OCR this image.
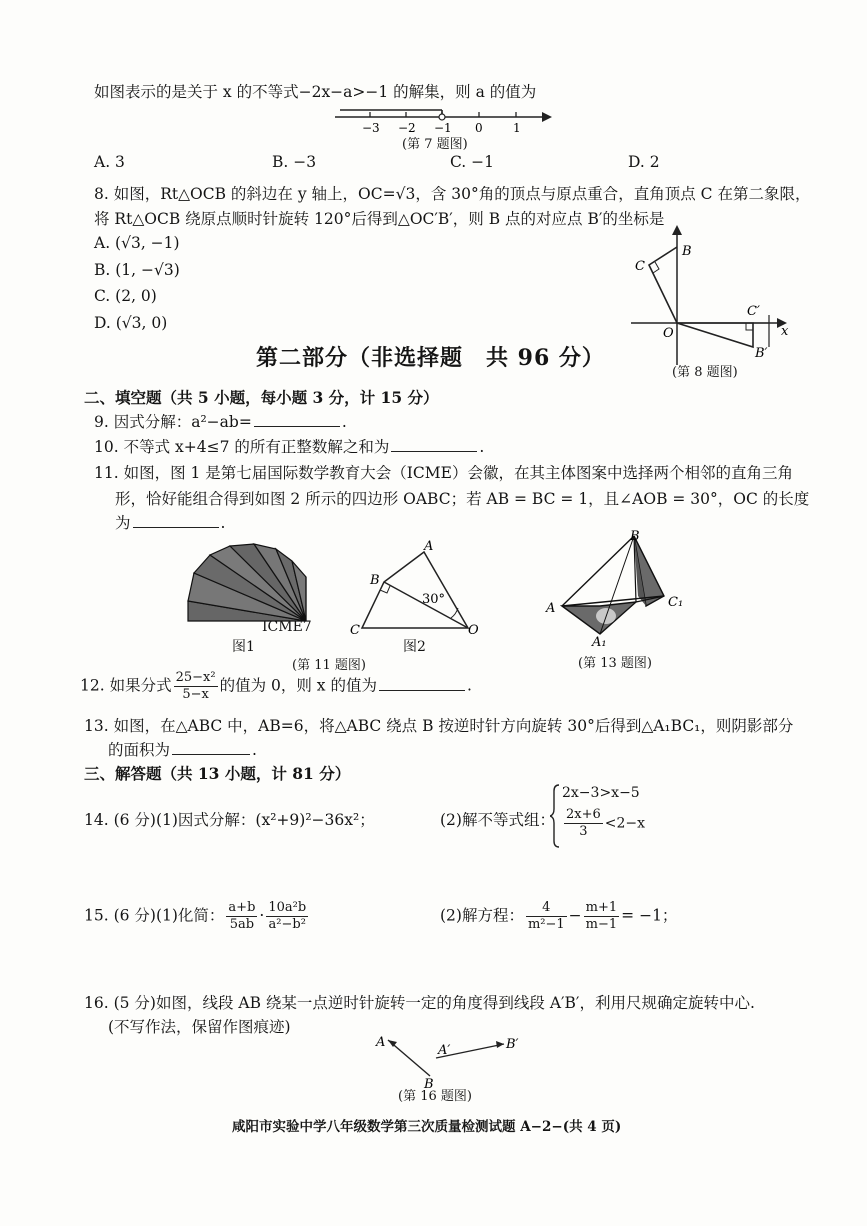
如图表示的是关于 x 的不等式−2x−a>−1 的解集，则 a 的值为
−3 −2 −1 0	1
(第 7 题图)
A. 3	B. −3	C. −1	D. 2
8. 如图，Rt△OCB 的斜边在 y 轴上，OC=√3，含 30°角的顶点与原点重合，直角顶点 C 在第二象限，
将 Rt△OCB 绕原点顺时针旋转 120°后得到△OC′B′，则 B 点的对应点 B′的坐标是
A. (√3, −1)
B. (1, −√3)
C. (2, 0)
D. (√3, 0)
B
C
C′
O	x
B′
(第 8 题图)
第二部分（非选择题　共 96 分）
二、填空题（共 5 小题，每小题 3 分，计 15 分）
9. 因式分解：a²−ab=	.
10. 不等式 x+4≤7 的所有正整数解之和为	.
11. 如图，图 1 是第七届国际数学教育大会（ICME）会徽，在其主体图案中选择两个相邻的直角三角
形，恰好能组合得到如图 2 所示的四边形 OABC；若 AB = BC = 1，且∠AOB = 30°，OC 的长度
为	.
ICME7
图1
A
B
30°
C	O
图2
(第 11 题图)
B
A	C₁
A₁
(第 13 题图)
12. 如果分式 $\frac{\text{25−x²}}{5-x}$ 的值为 0，则 x 的值为	.
13. 如图，在△ABC 中，AB=6，将△ABC 绕点 B 按逆时针方向旋转 30°后得到△A₁BC₁，则阴影部分
的面积为	.
三、解答题（共 13 小题，计 81 分）
14. (6 分)(1)因式分解：(x²+9)²−36x²；	(2)解不等式组：
2x−3>x−5
$\frac{2x+6}{3} <2-x$
15. (6 分)(1)化简： $\frac{a+b}{5ab} \cdot \frac{\text{10a²b}}{\text{a²−b²}}$	(2)解方程： $\frac{4}{\text{m²−1}} - \frac{m+1}{m-1} = -1$；
16. (5 分)如图，线段 AB 绕某一点逆时针旋转一定的角度得到线段 A′B′，利用尺规确定旋转中心.
(不写作法，保留作图痕迹)
A
A′	B′
B
(第 16 题图)
咸阳市实验中学八年级数学第三次质量检测试题 A−2−(共 4 页)
